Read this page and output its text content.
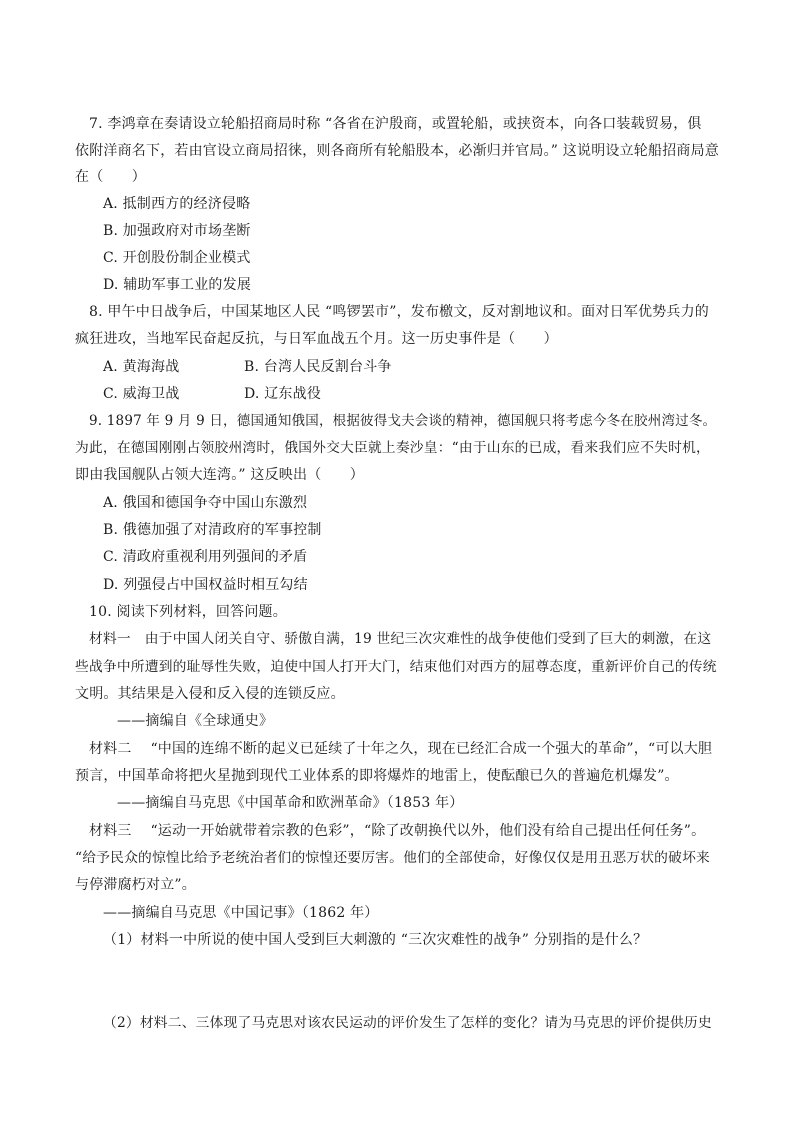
7. 李鸿章在奏请设立轮船招商局时称 “各省在沪殷商，或置轮船，或挟资本，向各口装载贸易，俱
依附洋商名下，若由官设立商局招徕，则各商所有轮船股本，必渐归并官局。” 这说明设立轮船招商局意
在（　　）
A. 抵制西方的经济侵略
B. 加强政府对市场垄断
C. 开创股份制企业模式
D. 辅助军事工业的发展
8. 甲午中日战争后，中国某地区人民 “鸣锣罢市”，发布檄文，反对割地议和。面对日军优势兵力的
疯狂进攻，当地军民奋起反抗，与日军血战五个月。这一历史事件是（　　）
A. 黄海海战	B. 台湾人民反割台斗争
C. 威海卫战	D. 辽东战役
9. 1897 年 9 月 9 日，德国通知俄国，根据彼得戈夫会谈的精神，德国舰只将考虑今冬在胶州湾过冬。
为此，在德国刚刚占领胶州湾时，俄国外交大臣就上奏沙皇：“由于山东的已成，看来我们应不失时机，
即由我国舰队占领大连湾。” 这反映出（　　）
A. 俄国和德国争夺中国山东激烈
B. 俄德加强了对清政府的军事控制
C. 清政府重视利用列强间的矛盾
D. 列强侵占中国权益时相互勾结
10. 阅读下列材料，回答问题。
材料一　由于中国人闭关自守、骄傲自满，19 世纪三次灾难性的战争使他们受到了巨大的刺激，在这
些战争中所遭到的耻辱性失败，迫使中国人打开大门，结束他们对西方的屈尊态度，重新评价自己的传统
文明。其结果是入侵和反入侵的连锁反应。
——摘编自《全球通史》
材料二　 “中国的连绵不断的起义已延续了十年之久，现在已经汇合成一个强大的革命”，“可以大胆
预言，中国革命将把火星抛到现代工业体系的即将爆炸的地雷上，使酝酿已久的普遍危机爆发”。
——摘编自马克思《中国革命和欧洲革命》（1853 年）
材料三　 “运动一开始就带着宗教的色彩”，“除了改朝换代以外，他们没有给自己提出任何任务”。
“给予民众的惊惶比给予老统治者们的惊惶还要厉害。他们的全部使命，好像仅仅是用丑恶万状的破坏来
与停滞腐朽对立”。
——摘编自马克思《中国记事》（1862 年）
（1）材料一中所说的使中国人受到巨大刺激的 “三次灾难性的战争” 分别指的是什么？
（2）材料二、三体现了马克思对该农民运动的评价发生了怎样的变化？请为马克思的评价提供历史
